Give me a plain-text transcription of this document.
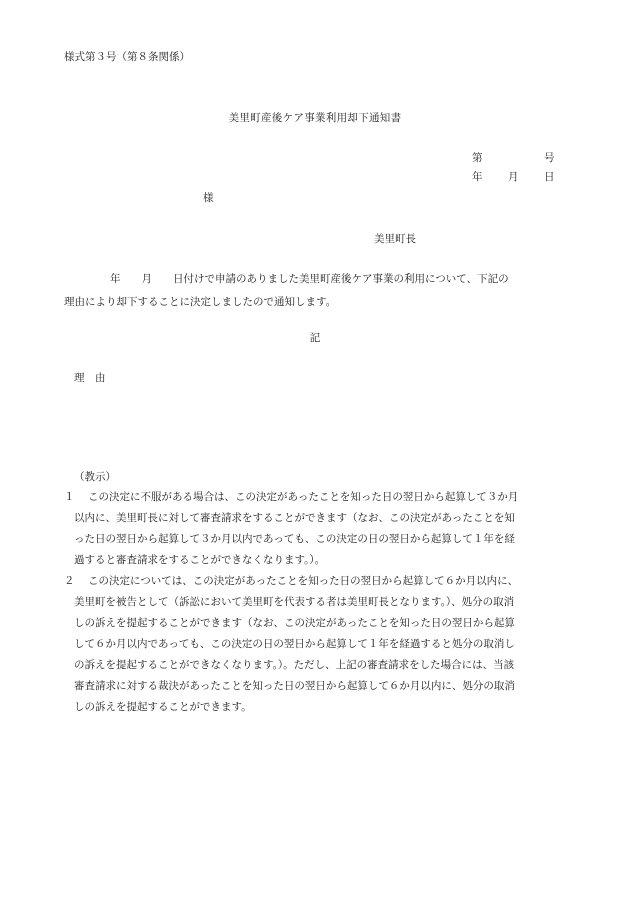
様式第３号（第８条関係）
美里町産後ケア事業利用却下通知書
第	号
年 月 日
様
美里町長
年　　月　　日付けで申請のありました美里町産後ケア事業の利用について、下記の
理由により却下することに決定しましたので通知します。
記
理　由
（教示）
１	この決定に不服がある場合は、この決定があったことを知った日の翌日から起算して３か月
以内に、美里町長に対して審査請求をすることができます（なお、この決定があったことを知
った日の翌日から起算して３か月以内であっても、この決定の日の翌日から起算して１年を経
過すると審査請求をすることができなくなります。）。
２	この決定については、この決定があったことを知った日の翌日から起算して６か月以内に、
美里町を被告として（訴訟において美里町を代表する者は美里町長となります。）、処分の取消
しの訴えを提起することができます（なお、この決定があったことを知った日の翌日から起算
して６か月以内であっても、この決定の日の翌日から起算して１年を経過すると処分の取消し
の訴えを提起することができなくなります。）。ただし、上記の審査請求をした場合には、当該
審査請求に対する裁決があったことを知った日の翌日から起算して６か月以内に、処分の取消
しの訴えを提起することができます。
